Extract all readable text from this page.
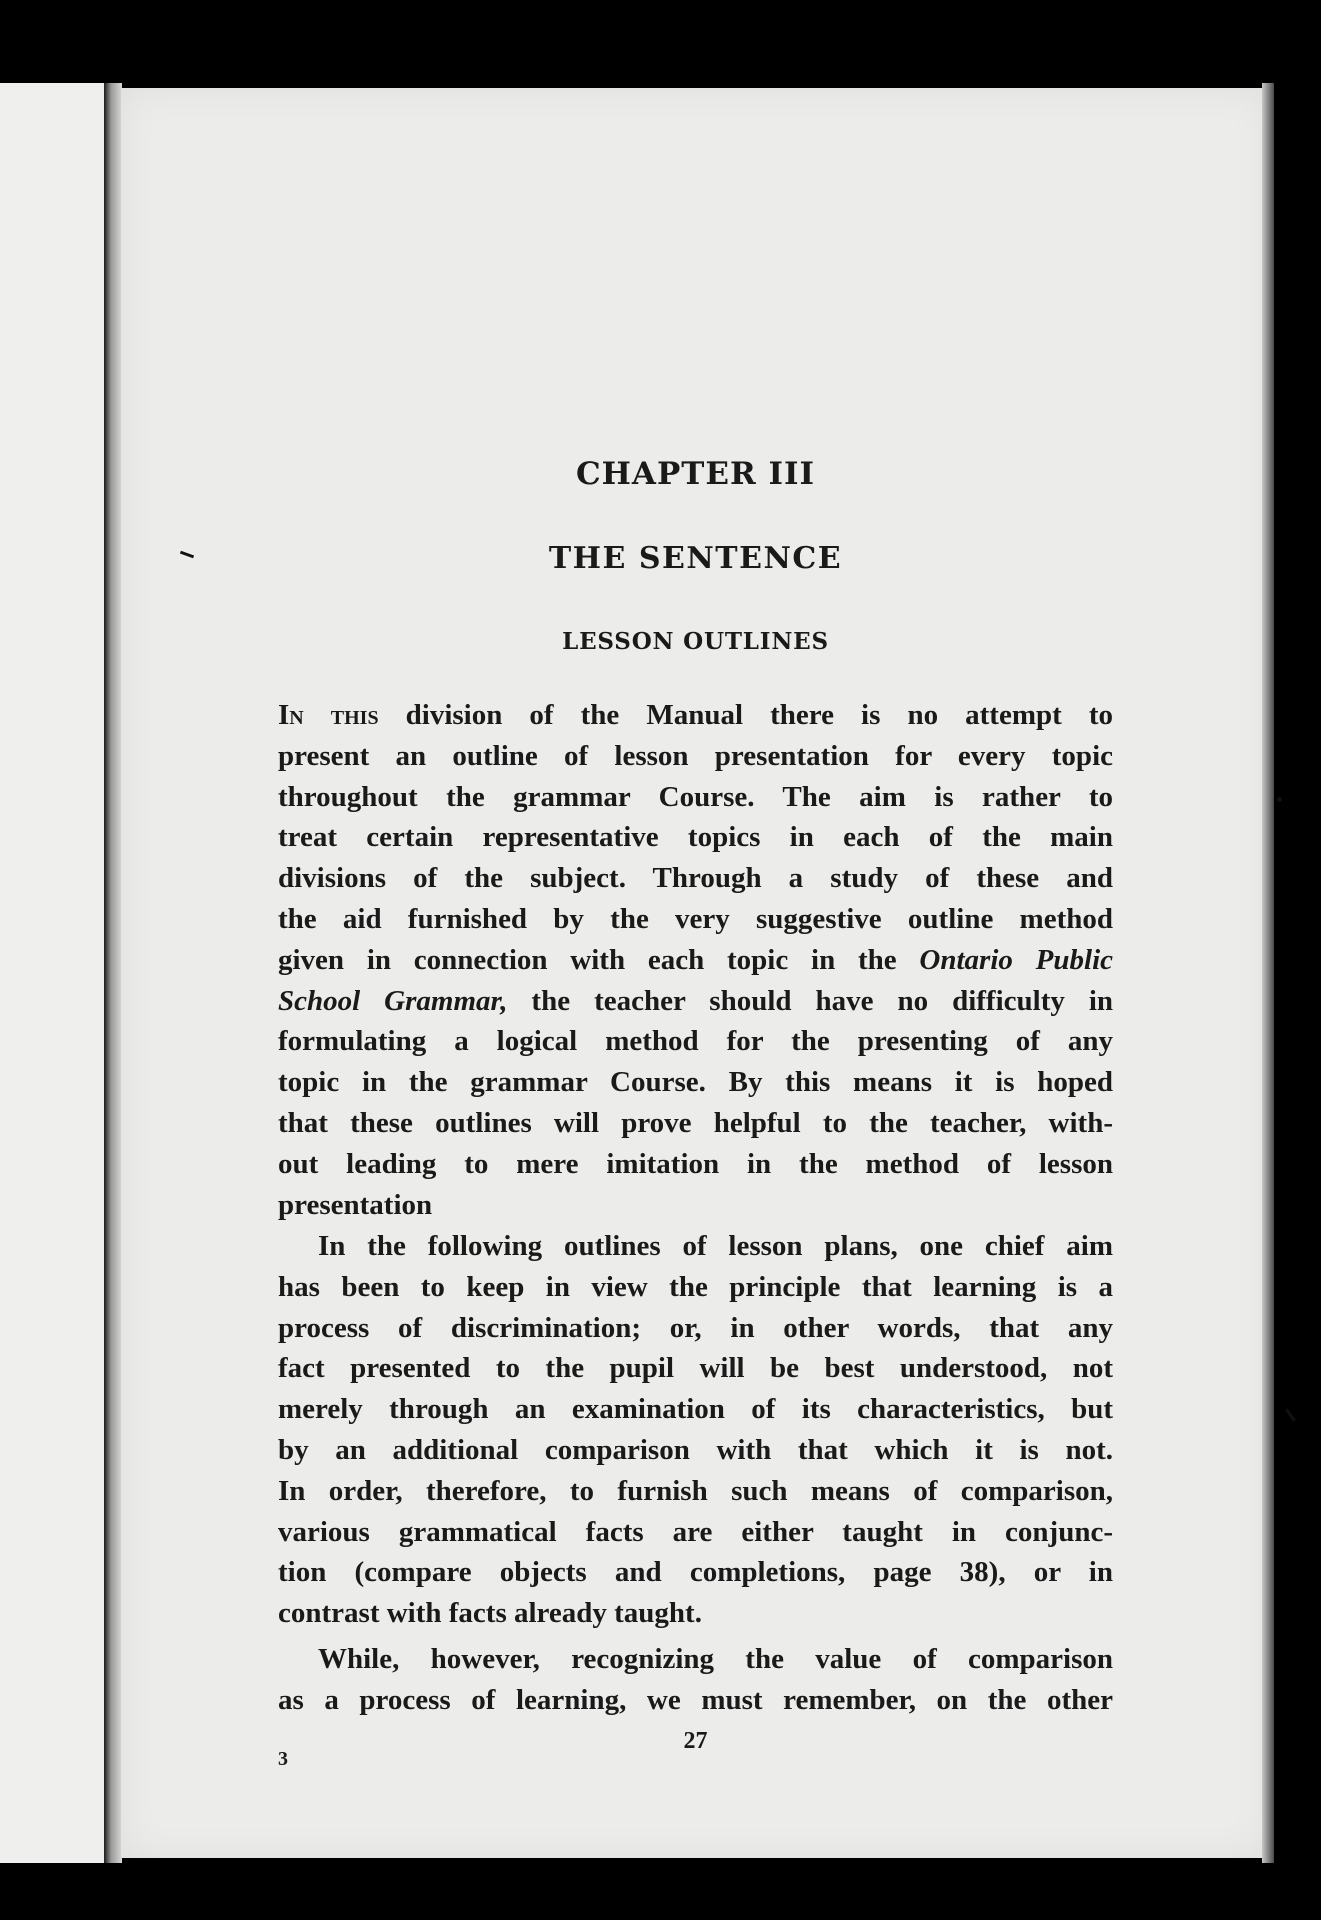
CHAPTER III
THE SENTENCE
LESSON OUTLINES
In this division of the Manual there is no attempt to
present an outline of lesson presentation for every topic
throughout the grammar Course. The aim is rather to
treat certain representative topics in each of the main
divisions of the subject. Through a study of these and
the aid furnished by the very suggestive outline method
given in connection with each topic in the Ontario Public
School Grammar, the teacher should have no difficulty in
formulating a logical method for the presenting of any
topic in the grammar Course. By this means it is hoped
that these outlines will prove helpful to the teacher, with-
out leading to mere imitation in the method of lesson
presentation
In the following outlines of lesson plans, one chief aim
has been to keep in view the principle that learning is a
process of discrimination; or, in other words, that any
fact presented to the pupil will be best understood, not
merely through an examination of its characteristics, but
by an additional comparison with that which it is not.
In order, therefore, to furnish such means of comparison,
various grammatical facts are either taught in conjunc-
tion (compare objects and completions, page 38), or in
contrast with facts already taught.
While, however, recognizing the value of comparison
as a process of learning, we must remember, on the other
27
3
